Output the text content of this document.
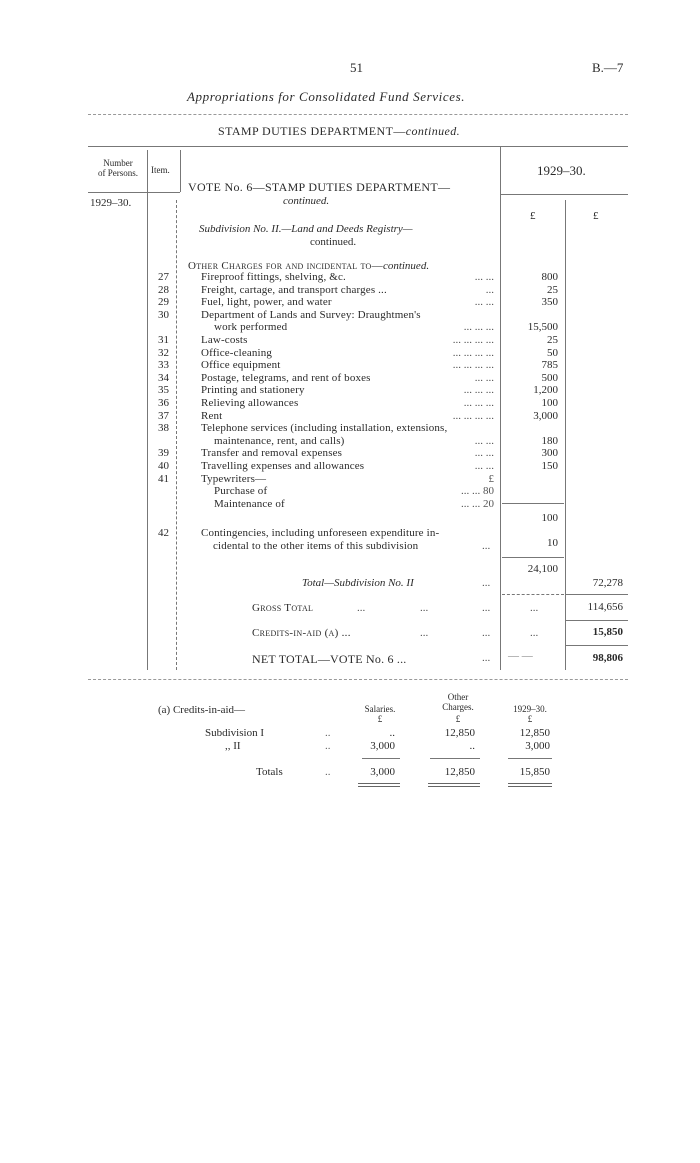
51	B.—7
Appropriations for Consolidated Fund Services.
STAMP DUTIES DEPARTMENT—continued.
Number
of Persons.	Item.
VOTE No. 6—STAMP DUTIES DEPARTMENT—
continued.
1929–30.
1929–30.
£	£
Subdivision No. II.—Land and Deeds Registry—
continued.
Other Charges for and incidental to—continued.
27	Fireproof fittings, shelving, &c.	... ...	800
28	Freight, cartage, and transport charges ...	...	25
29	Fuel, light, power, and water	... ...	350
30	Department of Lands and Survey: Draughtmen's
work performed	... ... ...	15,500
31	Law-costs	... ... ... ...	25
32	Office-cleaning	... ... ... ...	50
33	Office equipment	... ... ... ...	785
34	Postage, telegrams, and rent of boxes	... ...	500
35	Printing and stationery	... ... ...	1,200
36	Relieving allowances	... ... ...	100
37	Rent	... ... ... ...	3,000
38	Telephone services (including installation, extensions,
maintenance, rent, and calls)	... ...	180
39	Transfer and removal expenses	... ...	300
40	Travelling expenses and allowances	... ...	150
41	Typewriters—	£
Purchase of	... ... 80
Maintenance of	... ... 20
100
42	Contingencies, including unforeseen expenditure in-
cidental to the other items of this subdivision	...	10
24,100
Total—Subdivision No. II	...	72,278
Gross Total	...	...	...	...	114,656
Credits-in-aid (a) ...	...	...	...	15,850
NET TOTAL—VOTE No. 6 ...	... — —	98,806
(a) Credits-in-aid—	Salaries.
Other
Charges.	1929–30.
£	£	£
Subdivision I	..	..	12,850	12,850
,, II	..	3,000	..	3,000
Totals	..	3,000	12,850	15,850
